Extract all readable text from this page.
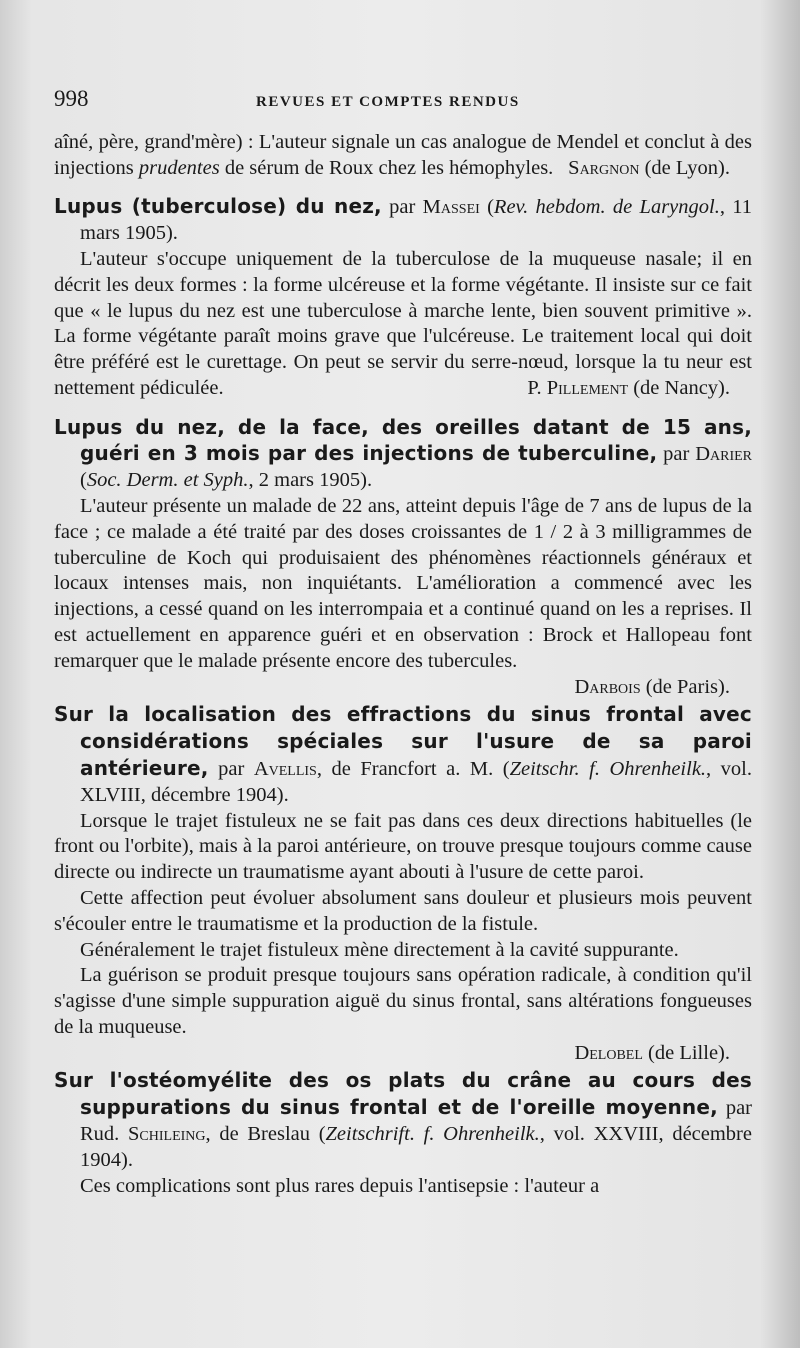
998	REVUES ET COMPTES RENDUS

aîné, père, grand'mère) : L'auteur signale un cas analogue de Mendel et conclut à des injections prudentes de sérum de Roux chez les hémophyles. Sargnon (de Lyon).

Lupus (tuberculose) du nez, par Massei (Rev. hebdom. de Laryngol., 11 mars 1905).

L'auteur s'occupe uniquement de la tuberculose de la muqueuse nasale; il en décrit les deux formes : la forme ulcéreuse et la forme végétante. Il insiste sur ce fait que « le lupus du nez est une tuberculose à marche lente, bien souvent primitive ». La forme végétante paraît moins grave que l'ulcéreuse. Le traitement local qui doit être préféré est le curettage. On peut se servir du serre-nœud, lorsque la tu neur est nettement pédiculée.	P. Pillement (de Nancy).

Lupus du nez, de la face, des oreilles datant de 15 ans, guéri en 3 mois par des injections de tuberculine, par Darier (Soc. Derm. et Syph., 2 mars 1905).

L'auteur présente un malade de 22 ans, atteint depuis l'âge de 7 ans de lupus de la face ; ce malade a été traité par des doses croissantes de 1 / 2 à 3 milligrammes de tuberculine de Koch qui produisaient des phénomènes réactionnels généraux et locaux intenses mais, non inquiétants. L'amélioration a commencé avec les injections, a cessé quand on les interrompaiа et a continué quand on les a reprises. Il est actuellement en apparence guéri et en observation : Brock et Hallopeau font remarquer que le malade présente encore des tubercules.

Darbois (de Paris).

Sur la localisation des effractions du sinus frontal avec considérations spéciales sur l'usure de sa paroi antérieure, par Avellis, de Francfort a. M. (Zeitschr. f. Ohrenheilk., vol. XLVIII, décembre 1904).

Lorsque le trajet fistuleux ne se fait pas dans ces deux directions habituelles (le front ou l'orbite), mais à la paroi antérieure, on trouve presque toujours comme cause directe ou indirecte un traumatisme ayant abouti à l'usure de cette paroi.

Cette affection peut évoluer absolument sans douleur et plusieurs mois peuvent s'écouler entre le traumatisme et la production de la fistule.

Généralement le trajet fistuleux mène directement à la cavité suppurante.

La guérison se produit presque toujours sans opération radicale, à condition qu'il s'agisse d'une simple suppuration aiguë du sinus frontal, sans altérations fongueuses de la muqueuse.

Delobel (de Lille).

Sur l'ostéomyélite des os plats du crâne au cours des suppurations du sinus frontal et de l'oreille moyenne, par Rud. Schileing, de Breslau (Zeitschrift. f. Ohrenheilk., vol. XXVIII, décembre 1904).

Ces complications sont plus rares depuis l'antisepsie : l'auteur a
